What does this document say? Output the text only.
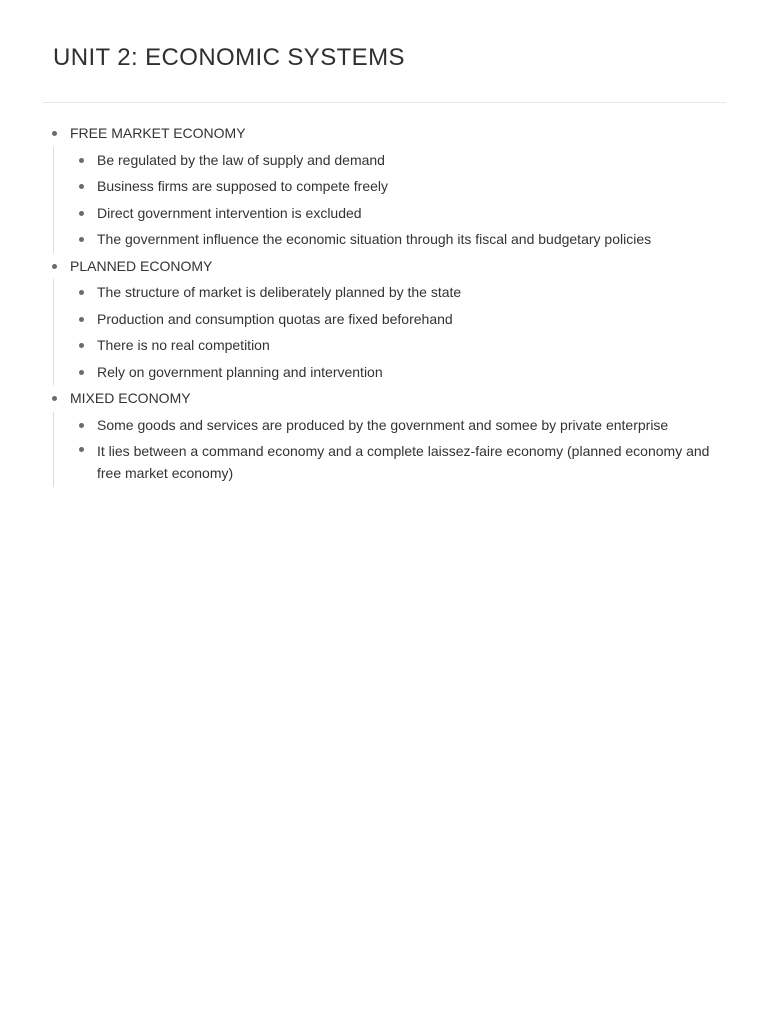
UNIT 2: ECONOMIC SYSTEMS
FREE MARKET ECONOMY
Be regulated by the law of supply and demand
Business firms are supposed to compete freely
Direct government intervention is excluded
The government influence the economic situation through its fiscal and budgetary policies
PLANNED ECONOMY
The structure of market is deliberately planned by the state
Production and consumption quotas are fixed beforehand
There is no real competition
Rely on government planning and intervention
MIXED ECONOMY
Some goods and services are produced by the government and somee by private enterprise
It lies between a command economy and a complete laissez-faire economy (planned economy and free market economy)
